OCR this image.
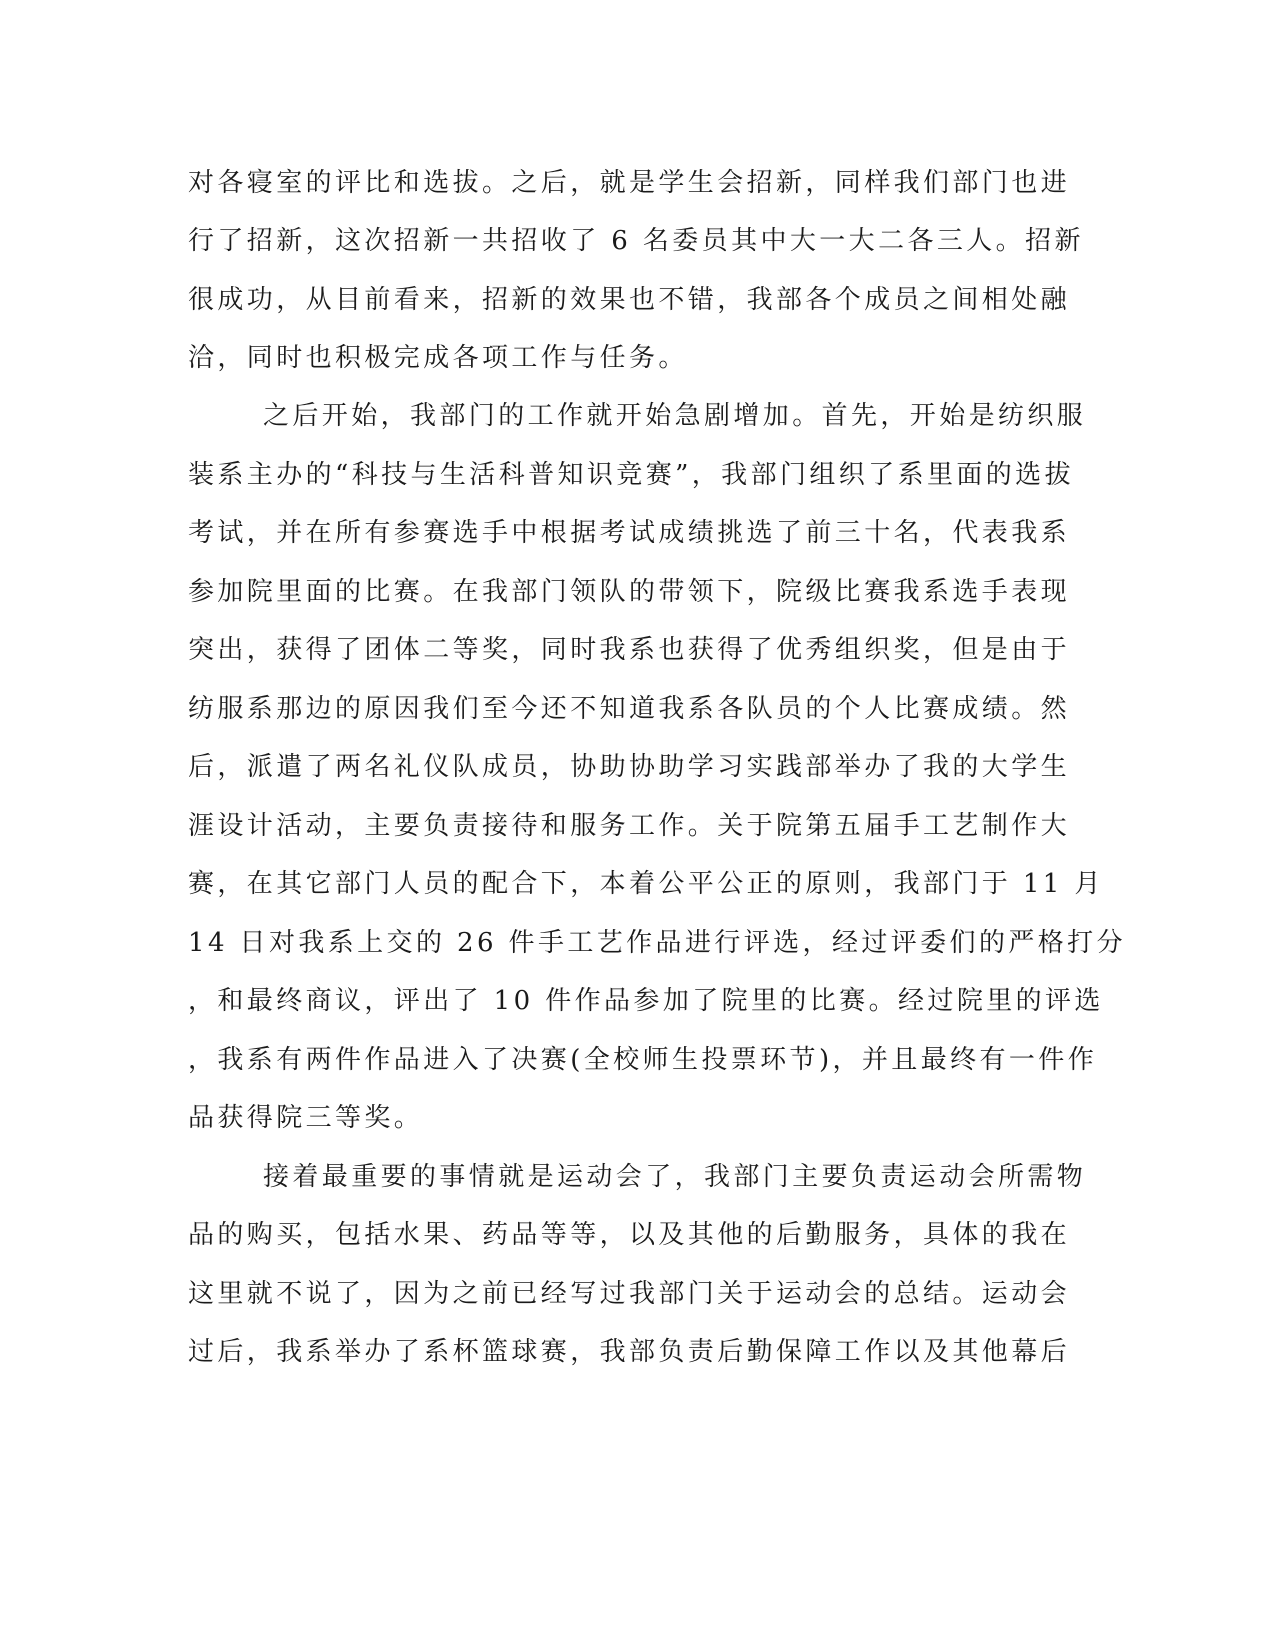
对各寝室的评比和选拔。之后，就是学生会招新，同样我们部门也进

行了招新，这次招新一共招收了 6 名委员其中大一大二各三人。招新

很成功，从目前看来，招新的效果也不错，我部各个成员之间相处融

洽，同时也积极完成各项工作与任务。

之后开始，我部门的工作就开始急剧增加。首先，开始是纺织服

装系主办的“科技与生活科普知识竞赛”，我部门组织了系里面的选拔

考试，并在所有参赛选手中根据考试成绩挑选了前三十名，代表我系

参加院里面的比赛。在我部门领队的带领下，院级比赛我系选手表现

突出，获得了团体二等奖，同时我系也获得了优秀组织奖，但是由于

纺服系那边的原因我们至今还不知道我系各队员的个人比赛成绩。然

后，派遣了两名礼仪队成员，协助协助学习实践部举办了我的大学生

涯设计活动，主要负责接待和服务工作。关于院第五届手工艺制作大

赛，在其它部门人员的配合下，本着公平公正的原则，我部门于 11 月

14 日对我系上交的 26 件手工艺作品进行评选，经过评委们的严格打分

，和最终商议，评出了 10 件作品参加了院里的比赛。经过院里的评选

，我系有两件作品进入了决赛(全校师生投票环节)，并且最终有一件作

品获得院三等奖。

接着最重要的事情就是运动会了，我部门主要负责运动会所需物

品的购买，包括水果、药品等等，以及其他的后勤服务，具体的我在

这里就不说了，因为之前已经写过我部门关于运动会的总结。运动会

过后，我系举办了系杯篮球赛，我部负责后勤保障工作以及其他幕后
